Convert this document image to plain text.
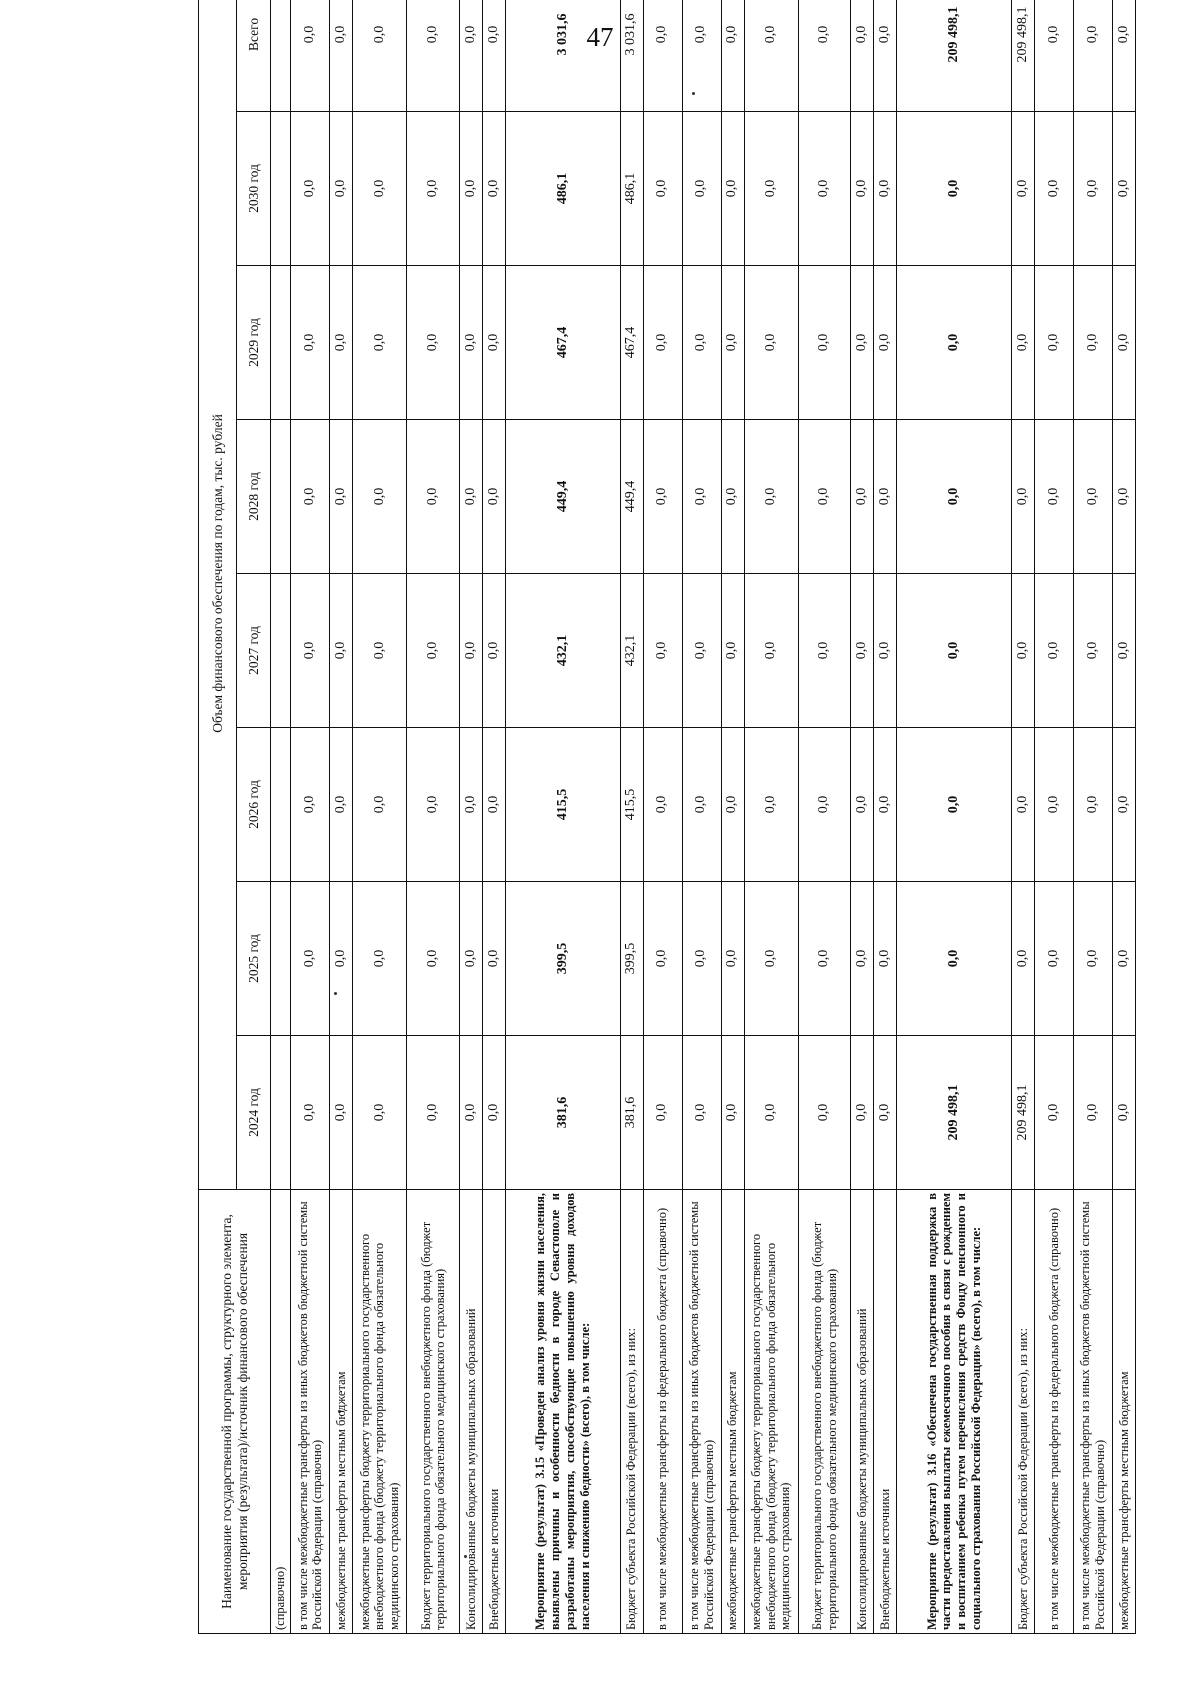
47
Наименование государственной программы, структурного элемента, мероприятия (результата)/источник финансового обеспечения	Объем финансового обеспечения по годам, тыс. рублей							
	2024 год	2025 год	2026 год	2027 год	2028 год	2029 год	2030 год	Всего
(справочно)								
в том числе межбюджетные трансферты из иных бюджетов бюджетной системы Российской Федерации (справочно)	0,0	0,0	0,0	0,0	0,0	0,0	0,0	0,0
межбюджетные трансферты местным бюджетам	0,0	0,0	0,0	0,0	0,0	0,0	0,0	0,0
межбюджетные трансферты бюджету территориального государственного внебюджетного фонда (бюджету территориального фонда обязательного медицинского страхования)	0,0	0,0	0,0	0,0	0,0	0,0	0,0	0,0
Бюджет территориального государственного внебюджетного фонда (бюджет территориального фонда обязательного медицинского страхования)	0,0	0,0	0,0	0,0	0,0	0,0	0,0	0,0
Консолидированные бюджеты муниципальных образований	0,0	0,0	0,0	0,0	0,0	0,0	0,0	0,0
Внебюджетные источники	0,0	0,0	0,0	0,0	0,0	0,0	0,0	0,0
Мероприятие (результат) 3.15 «Проведен анализ уровня жизни населения, выявлены причины и особенности бедности в городе Севастополе и разработаны мероприятия, способствующие повышению уровня доходов населения и снижению бедности» (всего), в том числе:	381,6	399,5	415,5	432,1	449,4	467,4	486,1	3 031,6
Бюджет субъекта Российской Федерации (всего), из них:	381,6	399,5	415,5	432,1	449,4	467,4	486,1	3 031,6
в том числе межбюджетные трансферты из федерального бюджета (справочно)	0,0	0,0	0,0	0,0	0,0	0,0	0,0	0,0
в том числе межбюджетные трансферты из иных бюджетов бюджетной системы Российской Федерации (справочно)	0,0	0,0	0,0	0,0	0,0	0,0	0,0	0,0
межбюджетные трансферты местным бюджетам	0,0	0,0	0,0	0,0	0,0	0,0	0,0	0,0
межбюджетные трансферты бюджету территориального государственного внебюджетного фонда (бюджету территориального фонда обязательного медицинского страхования)	0,0	0,0	0,0	0,0	0,0	0,0	0,0	0,0
Бюджет территориального государственного внебюджетного фонда (бюджет территориального фонда обязательного медицинского страхования)	0,0	0,0	0,0	0,0	0,0	0,0	0,0	0,0
Консолидированные бюджеты муниципальных образований	0,0	0,0	0,0	0,0	0,0	0,0	0,0	0,0
Внебюджетные источники	0,0	0,0	0,0	0,0	0,0	0,0	0,0	0,0
Мероприятие (результат) 3.16 «Обеспечена государственная поддержка в части предоставления выплаты ежемесячного пособия в связи с рождением и воспитанием ребенка путем перечисления средств Фонду пенсионного и социального страхования Российской Федерации» (всего), в том числе:	209 498,1	0,0	0,0	0,0	0,0	0,0	0,0	209 498,1
Бюджет субъекта Российской Федерации (всего), из них:	209 498,1	0,0	0,0	0,0	0,0	0,0	0,0	209 498,1
в том числе межбюджетные трансферты из федерального бюджета (справочно)	0,0	0,0	0,0	0,0	0,0	0,0	0,0	0,0
в том числе межбюджетные трансферты из иных бюджетов бюджетной системы Российской Федерации (справочно)	0,0	0,0	0,0	0,0	0,0	0,0	0,0	0,0
межбюджетные трансферты местным бюджетам	0,0	0,0	0,0	0,0	0,0	0,0	0,0	0,0
